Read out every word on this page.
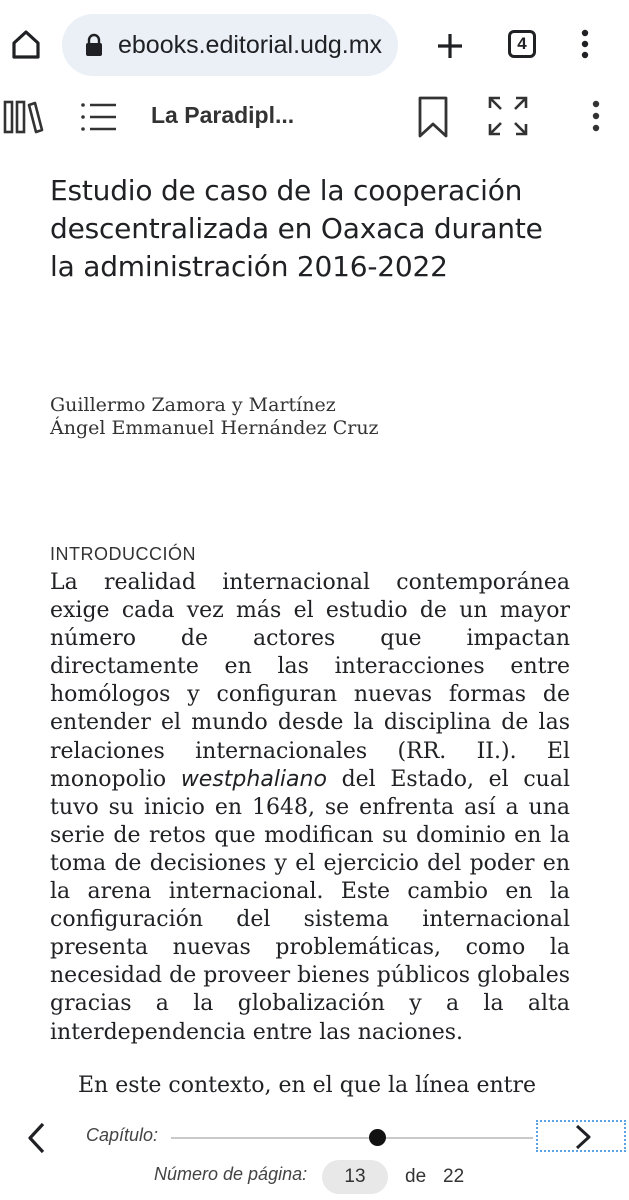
ebooks.editorial.udg.mx	4
La Paradipl...
Estudio de caso de la cooperación descentralizada en Oaxaca durante la administración 2016-2022
Guillermo Zamora y Martínez
Ángel Emmanuel Hernández Cruz
INTRODUCCIÓN

La realidad internacional contemporánea exige cada vez más el estudio de un mayor número de actores que impactan directamente en las interacciones entre homólogos y configuran nuevas formas de entender el mundo desde la disciplina de las relaciones internacionales (RR. II.). El monopolio westphaliano del Estado, el cual tuvo su inicio en 1648, se enfrenta así a una serie de retos que modifican su dominio en la toma de decisiones y el ejercicio del poder en la arena internacional. Este cambio en la configuración del sistema internacional presenta nuevas problemáticas, como la necesidad de proveer bienes públicos globales gracias a la globalización y a la alta interdependencia entre las naciones.

En este contexto, en el que la línea entre

Capítulo:
Número de página:	13	de 22
